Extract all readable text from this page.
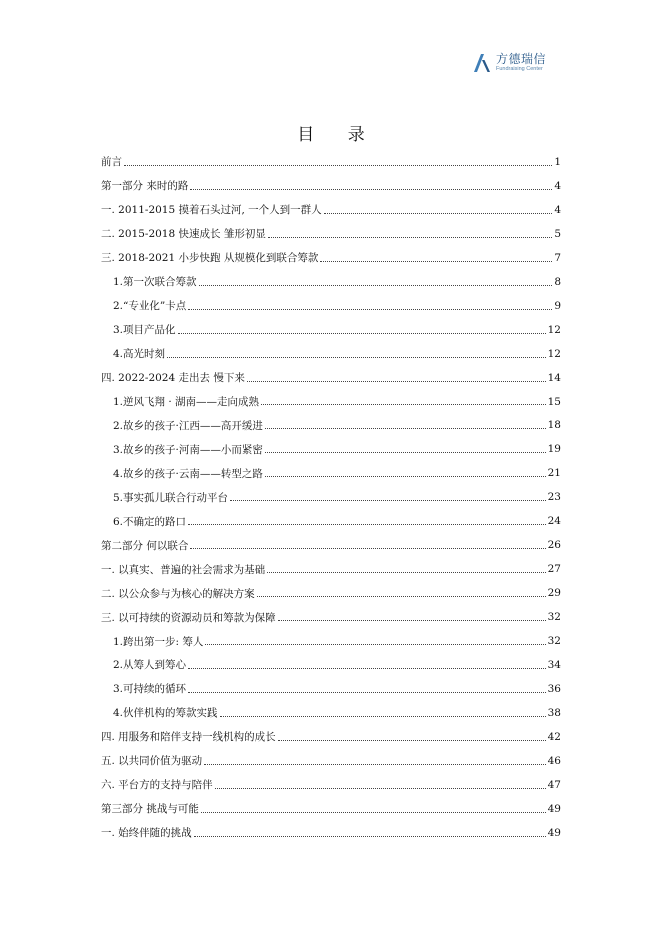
方德瑞信
Fundraising Center
目 录
前言	1
第一部分 来时的路	4
一. 2011-2015 摸着石头过河, 一个人到一群人	4
二. 2015-2018 快速成长 雏形初显	5
三. 2018-2021 小步快跑 从规模化到联合筹款	7
1.第一次联合筹款	8
2.“专业化”卡点	9
3.项目产品化	12
4.高光时刻	12
四. 2022-2024 走出去 慢下来	14
1.逆风飞翔 · 湖南——走向成熟	15
2.故乡的孩子·江西——高开缓进	18
3.故乡的孩子·河南——小而紧密	19
4.故乡的孩子·云南——转型之路	21
5.事实孤儿联合行动平台	23
6.不确定的路口	24
第二部分 何以联合	26
一. 以真实、普遍的社会需求为基础	27
二. 以公众参与为核心的解决方案	29
三. 以可持续的资源动员和筹款为保障	32
1.跨出第一步: 筹人	32
2.从筹人到筹心	34
3.可持续的循环	36
4.伙伴机构的筹款实践	38
四. 用服务和陪伴支持一线机构的成长	42
五. 以共同价值为驱动	46
六. 平台方的支持与陪伴	47
第三部分 挑战与可能	49
一. 始终伴随的挑战	49
